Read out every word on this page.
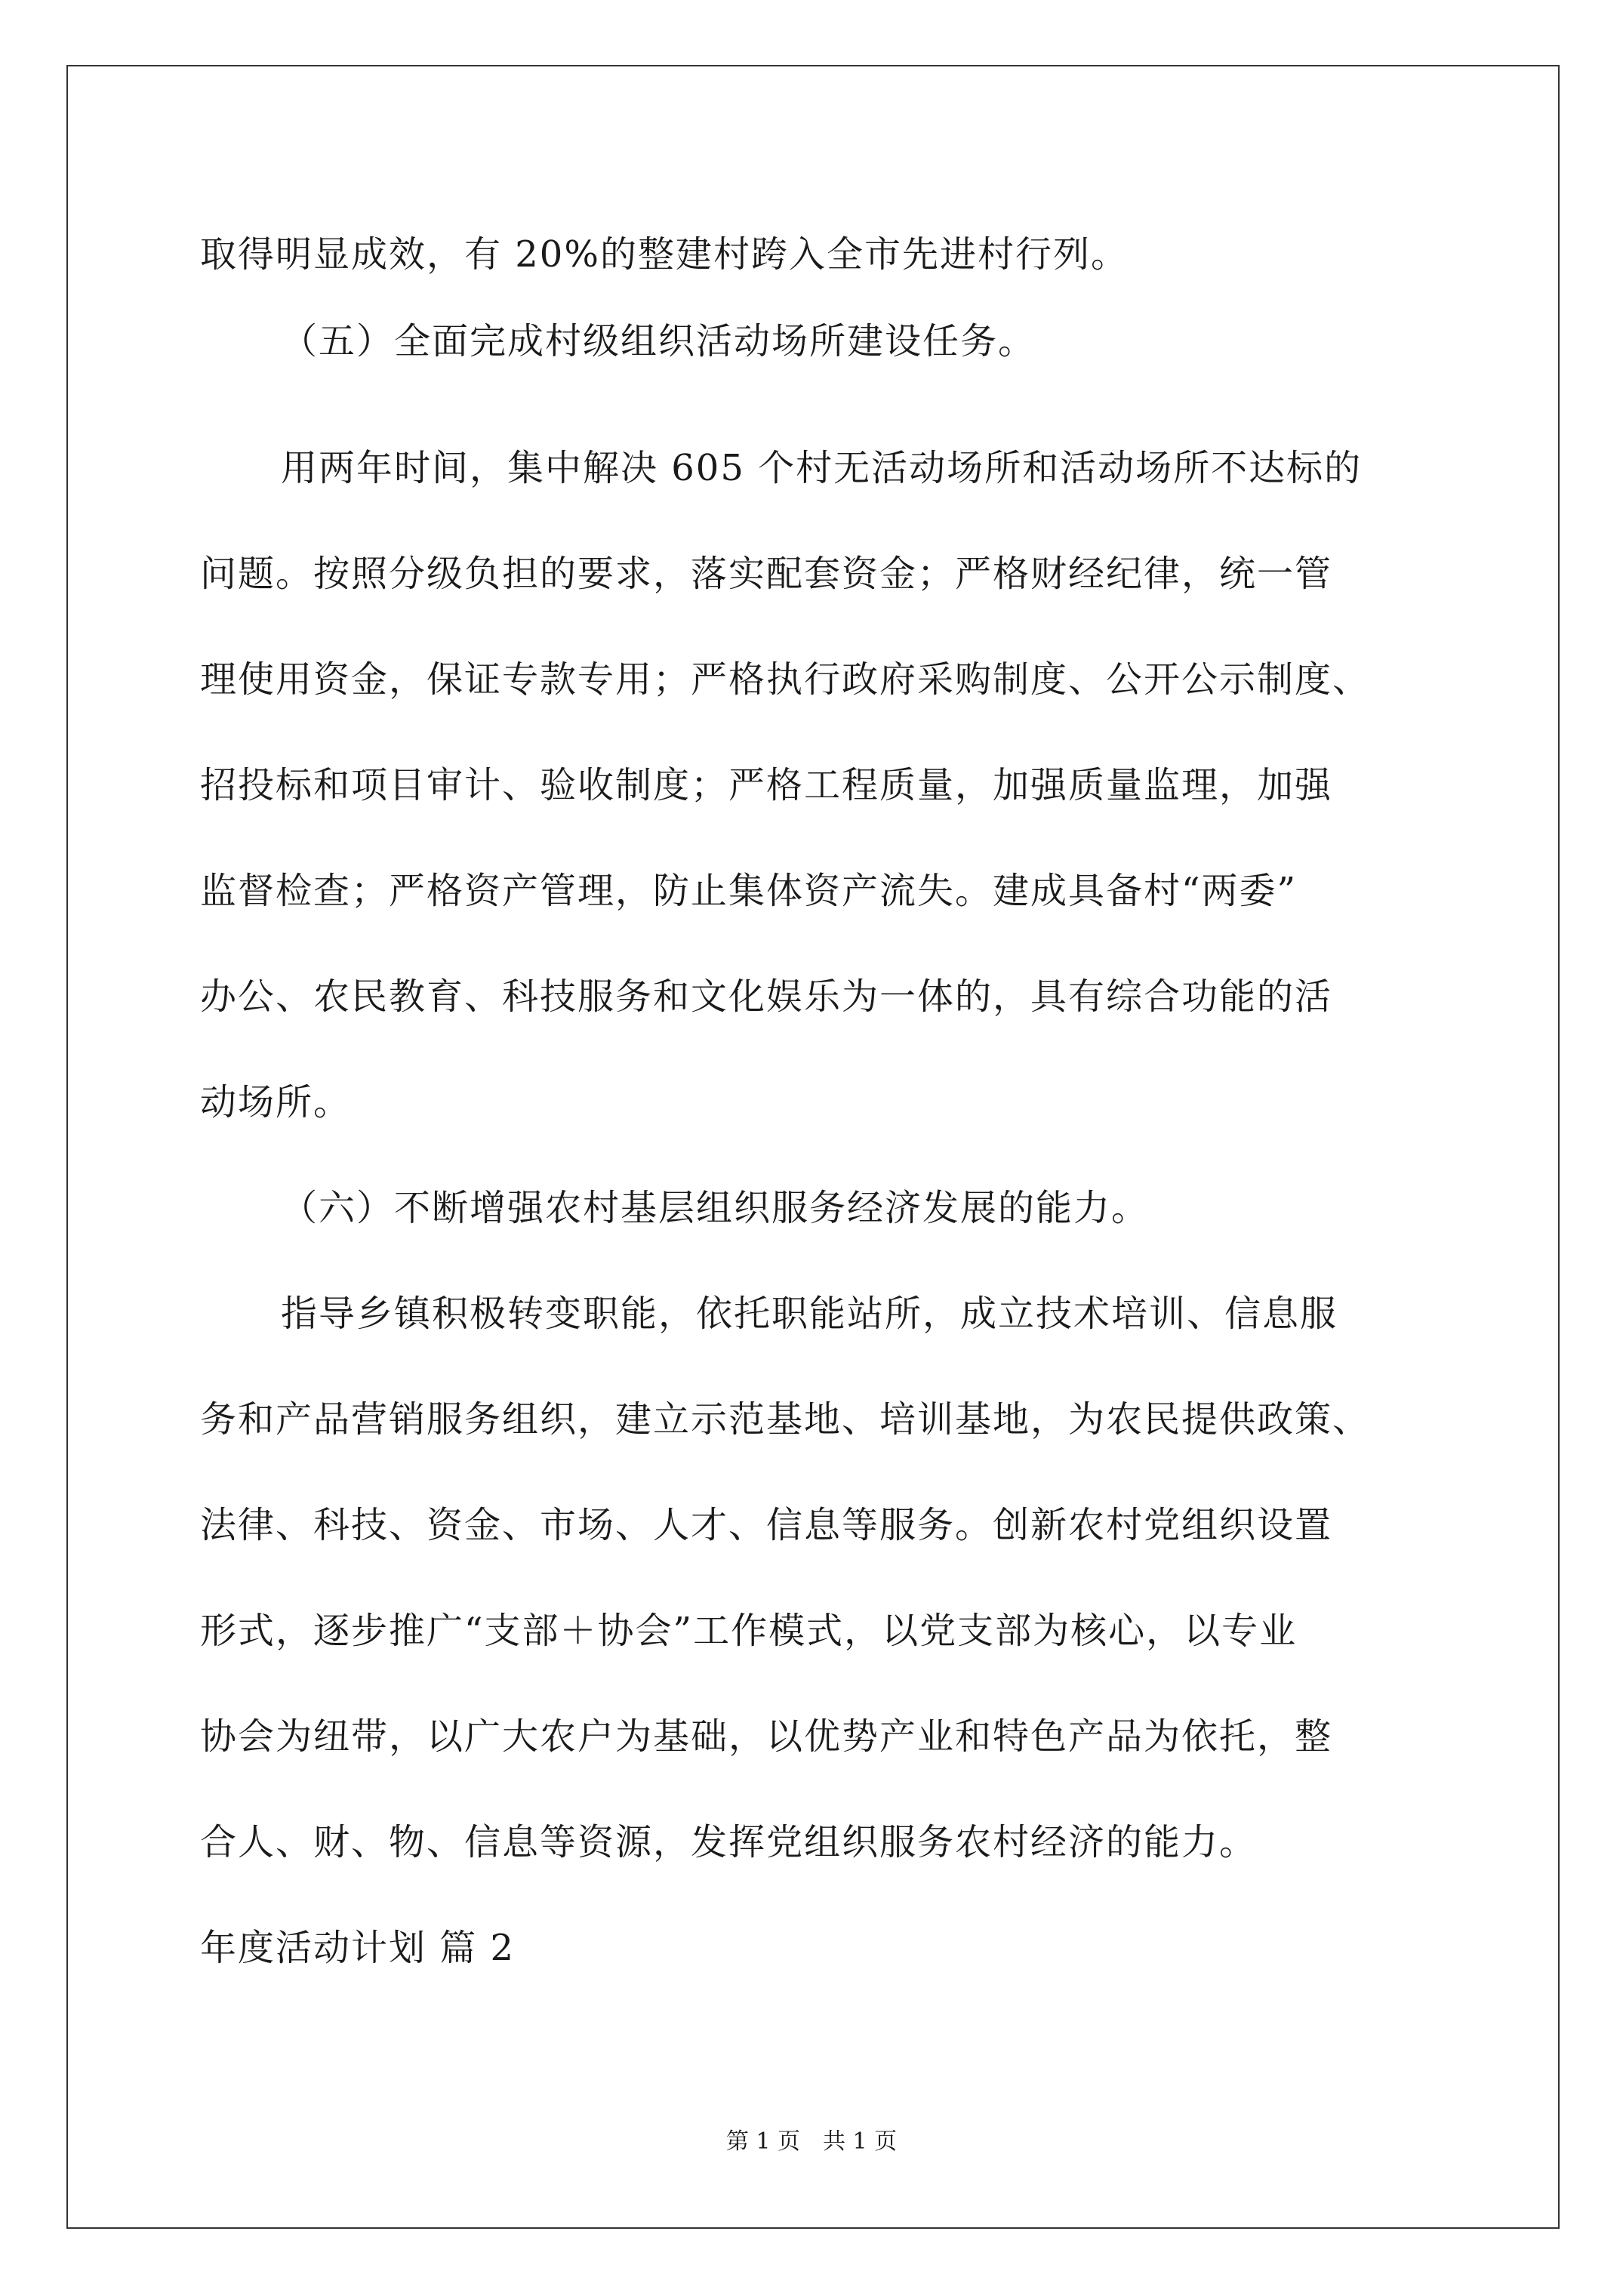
取得明显成效，有 20%的整建村跨入全市先进村行列。
（五）全面完成村级组织活动场所建设任务。
用两年时间，集中解决 605 个村无活动场所和活动场所不达标的
问题。按照分级负担的要求，落实配套资金；严格财经纪律，统一管
理使用资金，保证专款专用；严格执行政府采购制度、公开公示制度、
招投标和项目审计、验收制度；严格工程质量，加强质量监理，加强
监督检查；严格资产管理，防止集体资产流失。建成具备村“两委”
办公、农民教育、科技服务和文化娱乐为一体的，具有综合功能的活
动场所。
（六）不断增强农村基层组织服务经济发展的能力。
指导乡镇积极转变职能，依托职能站所，成立技术培训、信息服
务和产品营销服务组织，建立示范基地、培训基地，为农民提供政策、
法律、科技、资金、市场、人才、信息等服务。创新农村党组织设置
形式，逐步推广“支部＋协会”工作模式，以党支部为核心，以专业
协会为纽带，以广大农户为基础，以优势产业和特色产品为依托，整
合人、财、物、信息等资源，发挥党组织服务农村经济的能力。
年度活动计划 篇 2
第 1 页　共 1 页
